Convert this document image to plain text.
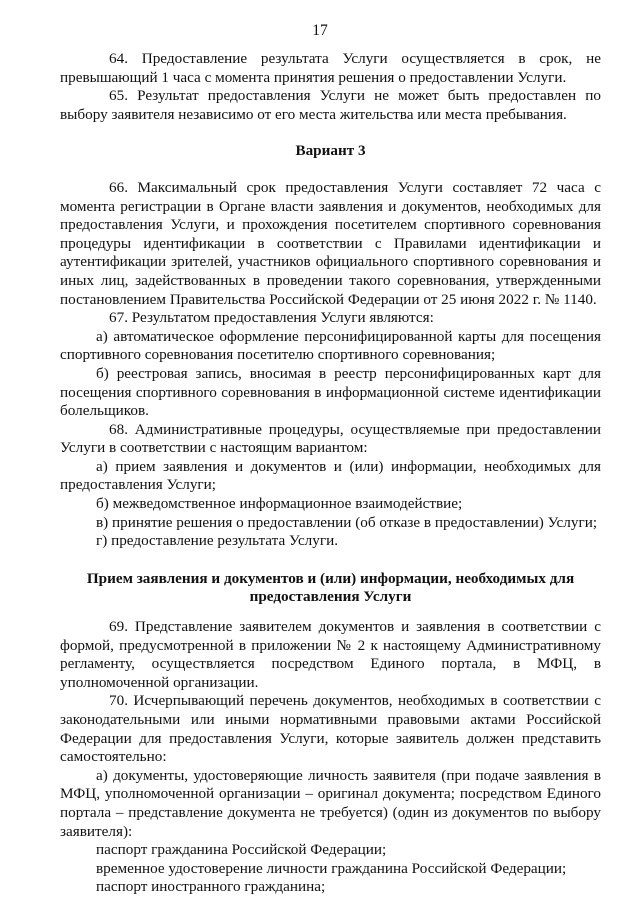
17

64. Предоставление результата Услуги осуществляется в срок, не превышающий 1 часа с момента принятия решения о предоставлении Услуги.

65. Результат предоставления Услуги не может быть предоставлен по выбору заявителя независимо от его места жительства или места пребывания.

Вариант 3

66. Максимальный срок предоставления Услуги составляет 72 часа с момента регистрации в Органе власти заявления и документов, необходимых для предоставления Услуги, и прохождения посетителем спортивного соревнования процедуры идентификации в соответствии с Правилами идентификации и аутентификации зрителей, участников официального спортивного соревнования и иных лиц, задействованных в проведении такого соревнования, утвержденными постановлением Правительства Российской Федерации от 25 июня 2022 г. № 1140.

67. Результатом предоставления Услуги являются:

а) автоматическое оформление персонифицированной карты для посещения спортивного соревнования посетителю спортивного соревнования;

б) реестровая запись, вносимая в реестр персонифицированных карт для посещения спортивного соревнования в информационной системе идентификации болельщиков.

68. Административные процедуры, осуществляемые при предоставлении Услуги в соответствии с настоящим вариантом:

а) прием заявления и документов и (или) информации, необходимых для предоставления Услуги;

б) межведомственное информационное взаимодействие;

в) принятие решения о предоставлении (об отказе в предоставлении) Услуги;

г) предоставление результата Услуги.

Прием заявления и документов и (или) информации, необходимых для предоставления Услуги

69. Представление заявителем документов и заявления в соответствии с формой, предусмотренной в приложении № 2 к настоящему Административному регламенту, осуществляется посредством Единого портала, в МФЦ, в уполномоченной организации.

70. Исчерпывающий перечень документов, необходимых в соответствии с законодательными или иными нормативными правовыми актами Российской Федерации для предоставления Услуги, которые заявитель должен представить самостоятельно:

а) документы, удостоверяющие личность заявителя (при подаче заявления в МФЦ, уполномоченной организации – оригинал документа; посредством Единого портала – представление документа не требуется) (один из документов по выбору заявителя):

паспорт гражданина Российской Федерации;

временное удостоверение личности гражданина Российской Федерации;

паспорт иностранного гражданина;
